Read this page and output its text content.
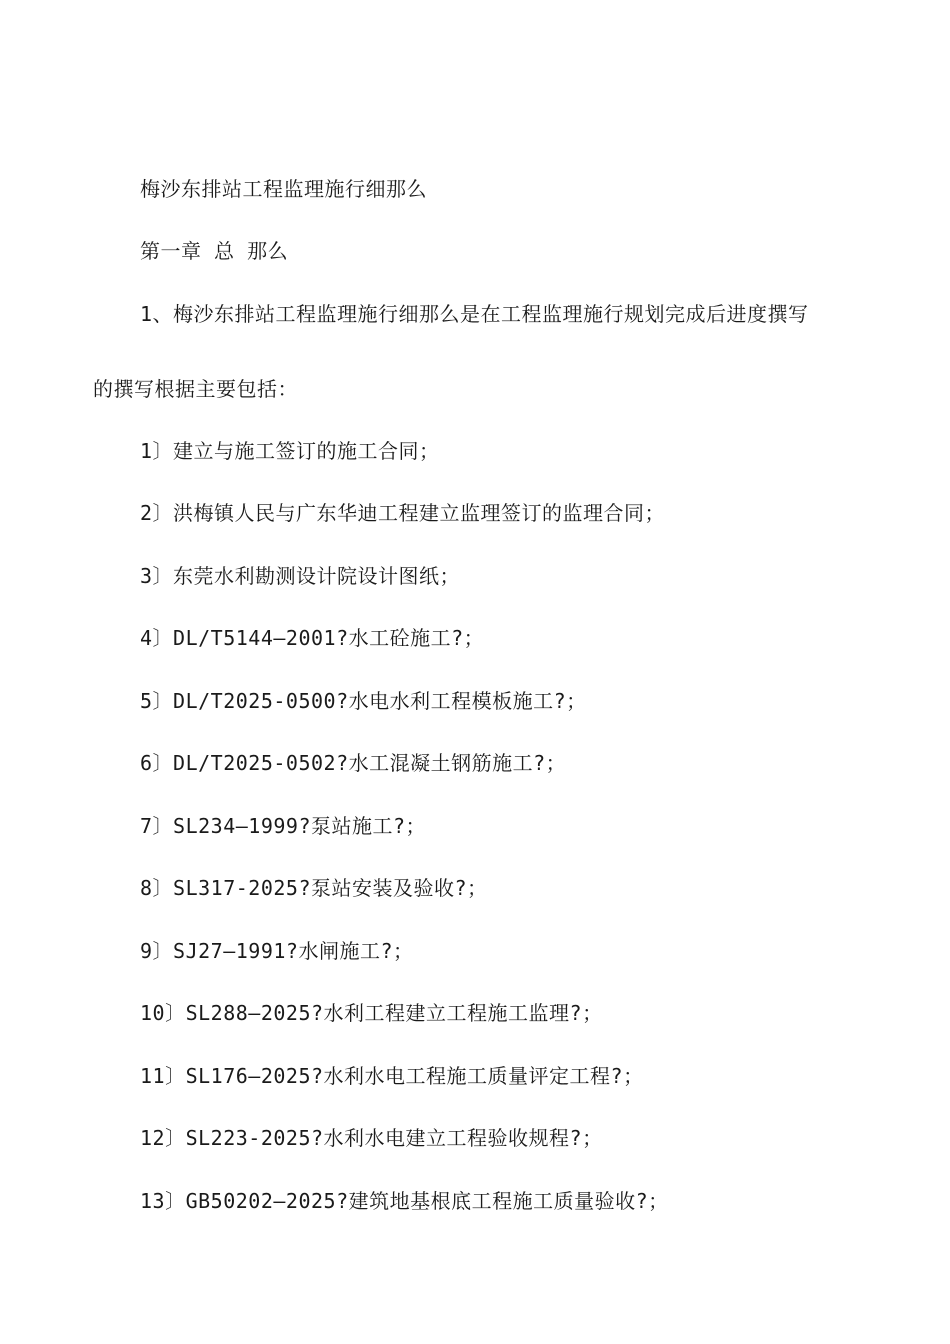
梅沙东排站工程监理施行细那么
第一章 总 那么
1、梅沙东排站工程监理施行细那么是在工程监理施行规划完成后进度撰写
的撰写根据主要包括：
1〕建立与施工签订的施工合同；
2〕洪梅镇人民与广东华迪工程建立监理签订的监理合同；
3〕东莞水利勘测设计院设计图纸；
4〕DL/T5144—2001?水工砼施工?；
5〕DL/T2025-0500?水电水利工程模板施工?；
6〕DL/T2025-0502?水工混凝土钢筋施工?；
7〕SL234—1999?泵站施工?；
8〕SL317-2025?泵站安装及验收?；
9〕SJ27—1991?水闸施工?；
10〕SL288—2025?水利工程建立工程施工监理?；
11〕SL176—2025?水利水电工程施工质量评定工程?；
12〕SL223-2025?水利水电建立工程验收规程?；
13〕GB50202—2025?建筑地基根底工程施工质量验收?；
